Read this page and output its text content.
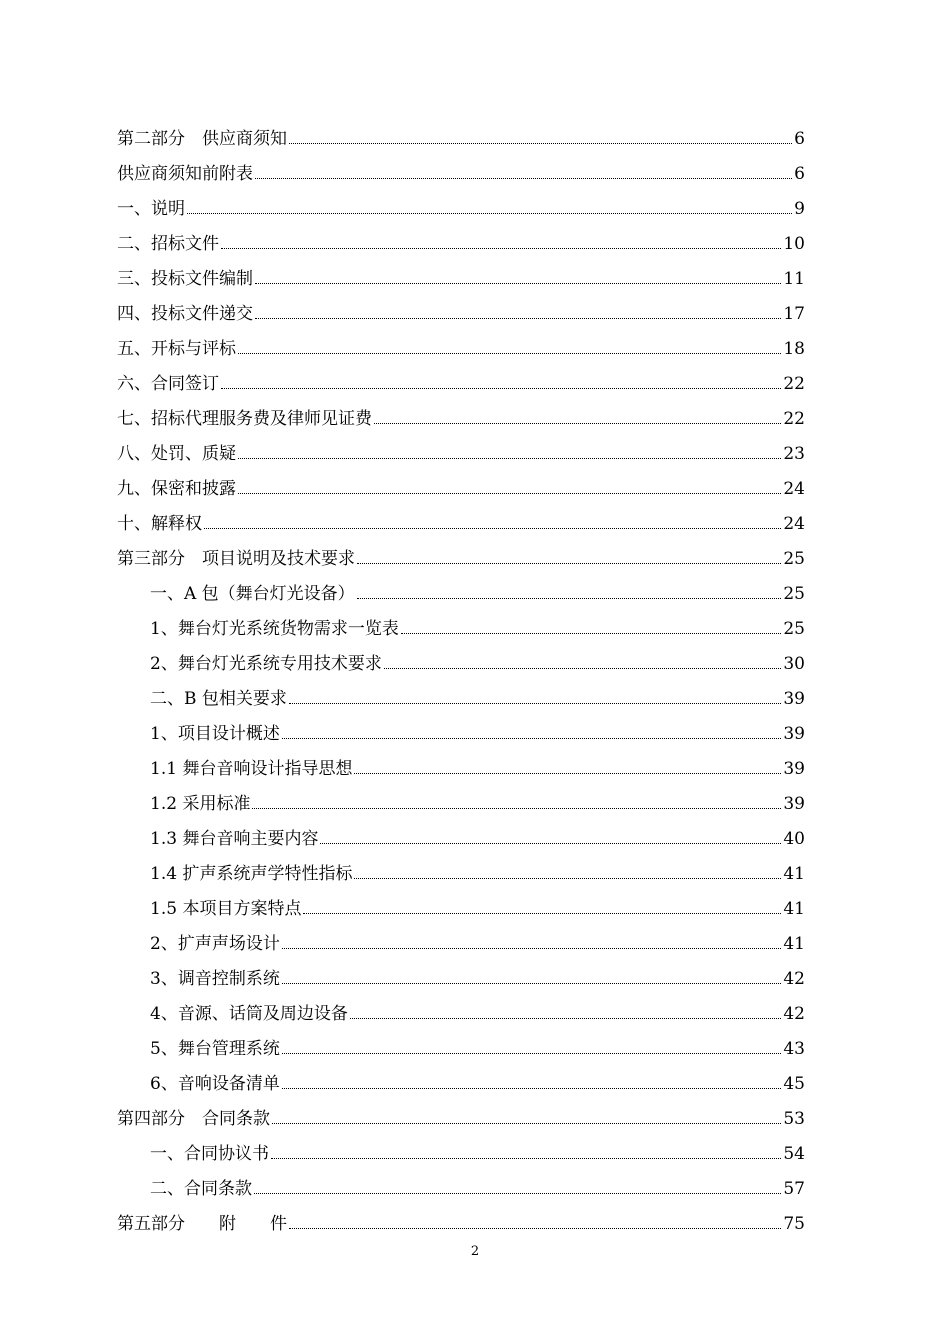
第二部分　供应商须知	6
供应商须知前附表	6
一、说明	9
二、招标文件	10
三、投标文件编制	11
四、投标文件递交	17
五、开标与评标	18
六、合同签订	22
七、招标代理服务费及律师见证费	22
八、处罚、质疑	23
九、保密和披露	24
十、解释权	24
第三部分　项目说明及技术要求	25
一、A 包（舞台灯光设备）	25
1、舞台灯光系统货物需求一览表	25
2、舞台灯光系统专用技术要求	30
二、B 包相关要求	39
1、项目设计概述	39
1.1 舞台音响设计指导思想	39
1.2 采用标准	39
1.3 舞台音响主要内容	40
1.4 扩声系统声学特性指标	41
1.5 本项目方案特点	41
2、扩声声场设计	41
3、调音控制系统	42
4、音源、话筒及周边设备	42
5、舞台管理系统	43
6、音响设备清单	45
第四部分　合同条款	53
一、合同协议书	54
二、合同条款	57
第五部分　　附　　件	75
2
